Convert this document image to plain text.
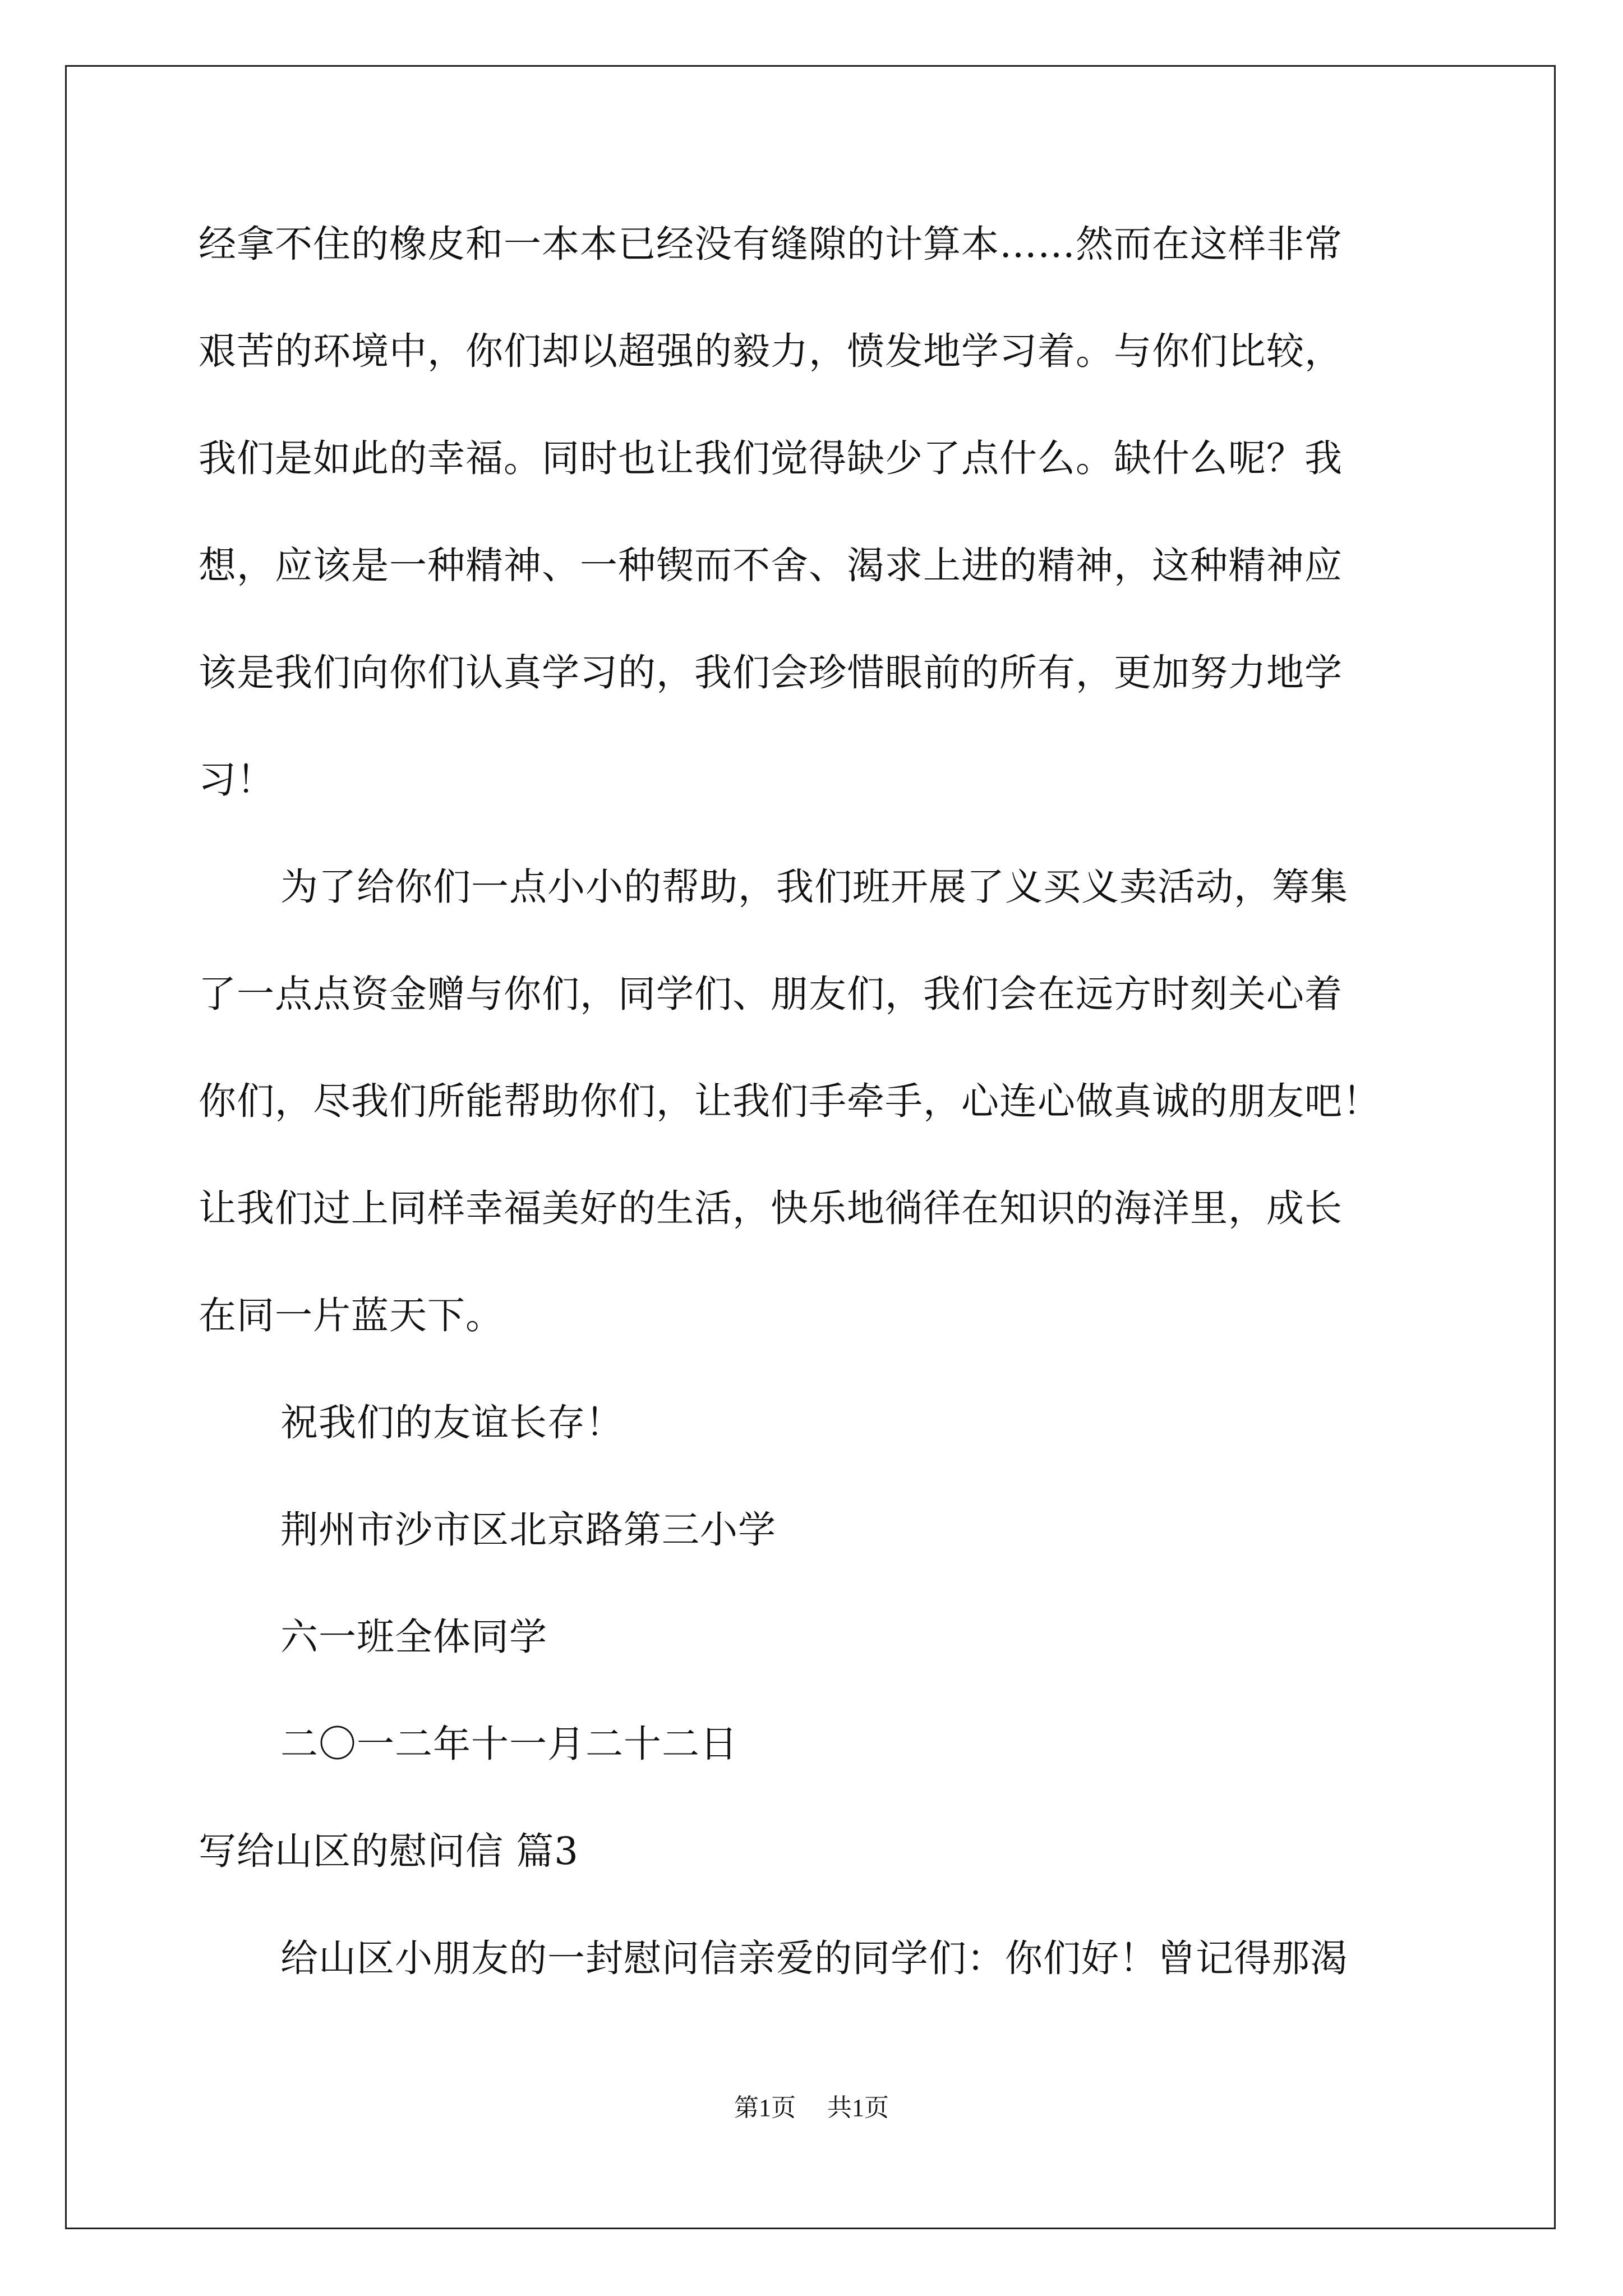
经拿不住的橡皮和一本本已经没有缝隙的计算本……然而在这样非常
艰苦的环境中，你们却以超强的毅力，愤发地学习着。与你们比较，
我们是如此的幸福。同时也让我们觉得缺少了点什么。缺什么呢？我
想，应该是一种精神、一种锲而不舍、渴求上进的精神，这种精神应
该是我们向你们认真学习的，我们会珍惜眼前的所有，更加努力地学
习！
为了给你们一点小小的帮助，我们班开展了义买义卖活动，筹集
了一点点资金赠与你们，同学们、朋友们，我们会在远方时刻关心着
你们，尽我们所能帮助你们，让我们手牵手，心连心做真诚的朋友吧！
让我们过上同样幸福美好的生活，快乐地徜徉在知识的海洋里，成长
在同一片蓝天下。
祝我们的友谊长存！
荆州市沙市区北京路第三小学
六一班全体同学
二〇一二年十一月二十二日
写给山区的慰问信 篇3
给山区小朋友的一封慰问信亲爱的同学们：你们好！曾记得那渴
第1页 共1页
